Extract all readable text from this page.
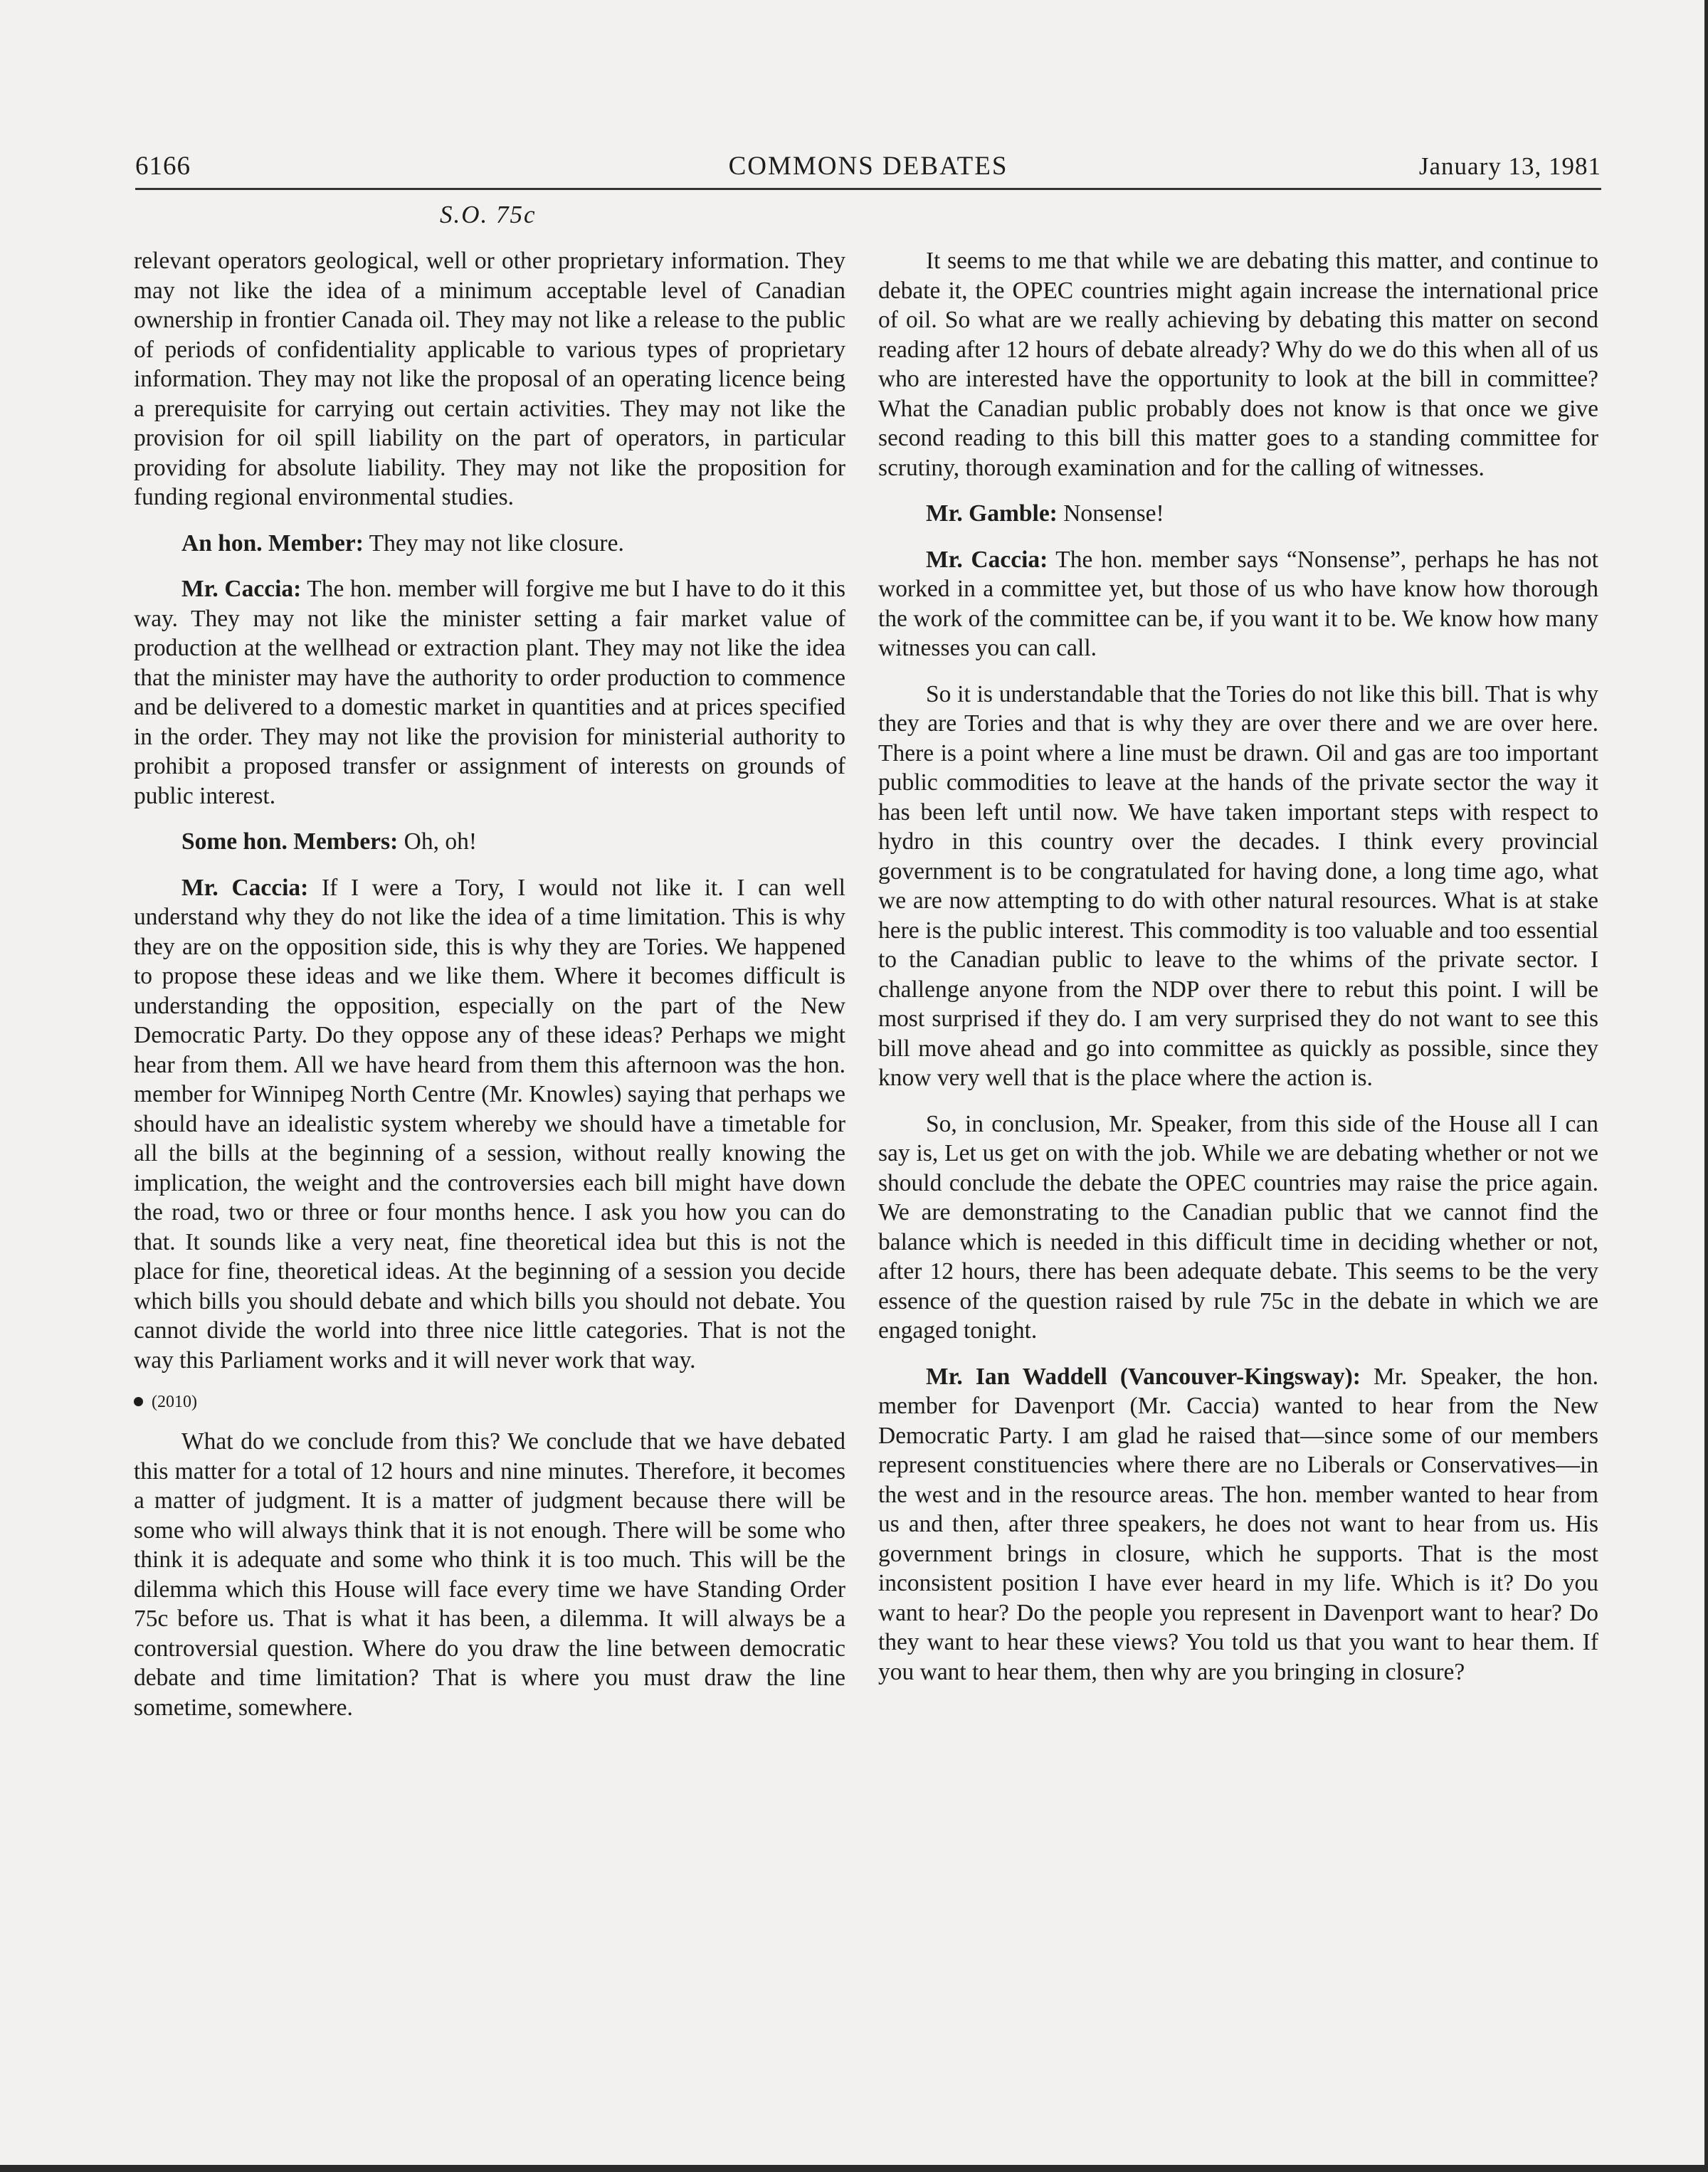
6166	COMMONS DEBATES	January 13, 1981
S.O. 75c

relevant operators geological, well or other proprietary information. They may not like the idea of a minimum acceptable level of Canadian ownership in frontier Canada oil. They may not like a release to the public of periods of confidentiality applicable to various types of proprietary information. They may not like the proposal of an operating licence being a prerequisite for carrying out certain activities. They may not like the provision for oil spill liability on the part of operators, in particular providing for absolute liability. They may not like the proposition for funding regional environmental studies.

An hon. Member: They may not like closure.

Mr. Caccia: The hon. member will forgive me but I have to do it this way. They may not like the minister setting a fair market value of production at the wellhead or extraction plant. They may not like the idea that the minister may have the authority to order production to commence and be delivered to a domestic market in quantities and at prices specified in the order. They may not like the provision for ministerial authority to prohibit a proposed transfer or assignment of interests on grounds of public interest.

Some hon. Members: Oh, oh!

Mr. Caccia: If I were a Tory, I would not like it. I can well understand why they do not like the idea of a time limitation. This is why they are on the opposition side, this is why they are Tories. We happened to propose these ideas and we like them. Where it becomes difficult is understanding the opposition, especially on the part of the New Democratic Party. Do they oppose any of these ideas? Perhaps we might hear from them. All we have heard from them this afternoon was the hon. member for Winnipeg North Centre (Mr. Knowles) saying that perhaps we should have an idealistic system whereby we should have a timetable for all the bills at the beginning of a session, without really knowing the implication, the weight and the controversies each bill might have down the road, two or three or four months hence. I ask you how you can do that. It sounds like a very neat, fine theoretical idea but this is not the place for fine, theoretical ideas. At the beginning of a session you decide which bills you should debate and which bills you should not debate. You cannot divide the world into three nice little categories. That is not the way this Parliament works and it will never work that way.

(2010)

What do we conclude from this? We conclude that we have debated this matter for a total of 12 hours and nine minutes. Therefore, it becomes a matter of judgment. It is a matter of judgment because there will be some who will always think that it is not enough. There will be some who think it is adequate and some who think it is too much. This will be the dilemma which this House will face every time we have Standing Order 75c before us. That is what it has been, a dilemma. It will always be a controversial question. Where do you draw the line between democratic debate and time limitation? That is where you must draw the line sometime, somewhere.

It seems to me that while we are debating this matter, and continue to debate it, the OPEC countries might again increase the international price of oil. So what are we really achieving by debating this matter on second reading after 12 hours of debate already? Why do we do this when all of us who are interested have the opportunity to look at the bill in committee? What the Canadian public probably does not know is that once we give second reading to this bill this matter goes to a standing committee for scrutiny, thorough examination and for the calling of witnesses.

Mr. Gamble: Nonsense!

Mr. Caccia: The hon. member says “Nonsense”, perhaps he has not worked in a committee yet, but those of us who have know how thorough the work of the committee can be, if you want it to be. We know how many witnesses you can call.

So it is understandable that the Tories do not like this bill. That is why they are Tories and that is why they are over there and we are over here. There is a point where a line must be drawn. Oil and gas are too important public commodities to leave at the hands of the private sector the way it has been left until now. We have taken important steps with respect to hydro in this country over the decades. I think every provincial government is to be congratulated for having done, a long time ago, what we are now attempting to do with other natural resources. What is at stake here is the public interest. This commodity is too valuable and too essential to the Canadian public to leave to the whims of the private sector. I challenge anyone from the NDP over there to rebut this point. I will be most surprised if they do. I am very surprised they do not want to see this bill move ahead and go into committee as quickly as possible, since they know very well that is the place where the action is.

So, in conclusion, Mr. Speaker, from this side of the House all I can say is, Let us get on with the job. While we are debating whether or not we should conclude the debate the OPEC countries may raise the price again. We are demonstrating to the Canadian public that we cannot find the balance which is needed in this difficult time in deciding whether or not, after 12 hours, there has been adequate debate. This seems to be the very essence of the question raised by rule 75c in the debate in which we are engaged tonight.

Mr. Ian Waddell (Vancouver-Kingsway): Mr. Speaker, the hon. member for Davenport (Mr. Caccia) wanted to hear from the New Democratic Party. I am glad he raised that—since some of our members represent constituencies where there are no Liberals or Conservatives—in the west and in the resource areas. The hon. member wanted to hear from us and then, after three speakers, he does not want to hear from us. His government brings in closure, which he supports. That is the most inconsistent position I have ever heard in my life. Which is it? Do you want to hear? Do the people you represent in Davenport want to hear? Do they want to hear these views? You told us that you want to hear them. If you want to hear them, then why are you bringing in closure?
